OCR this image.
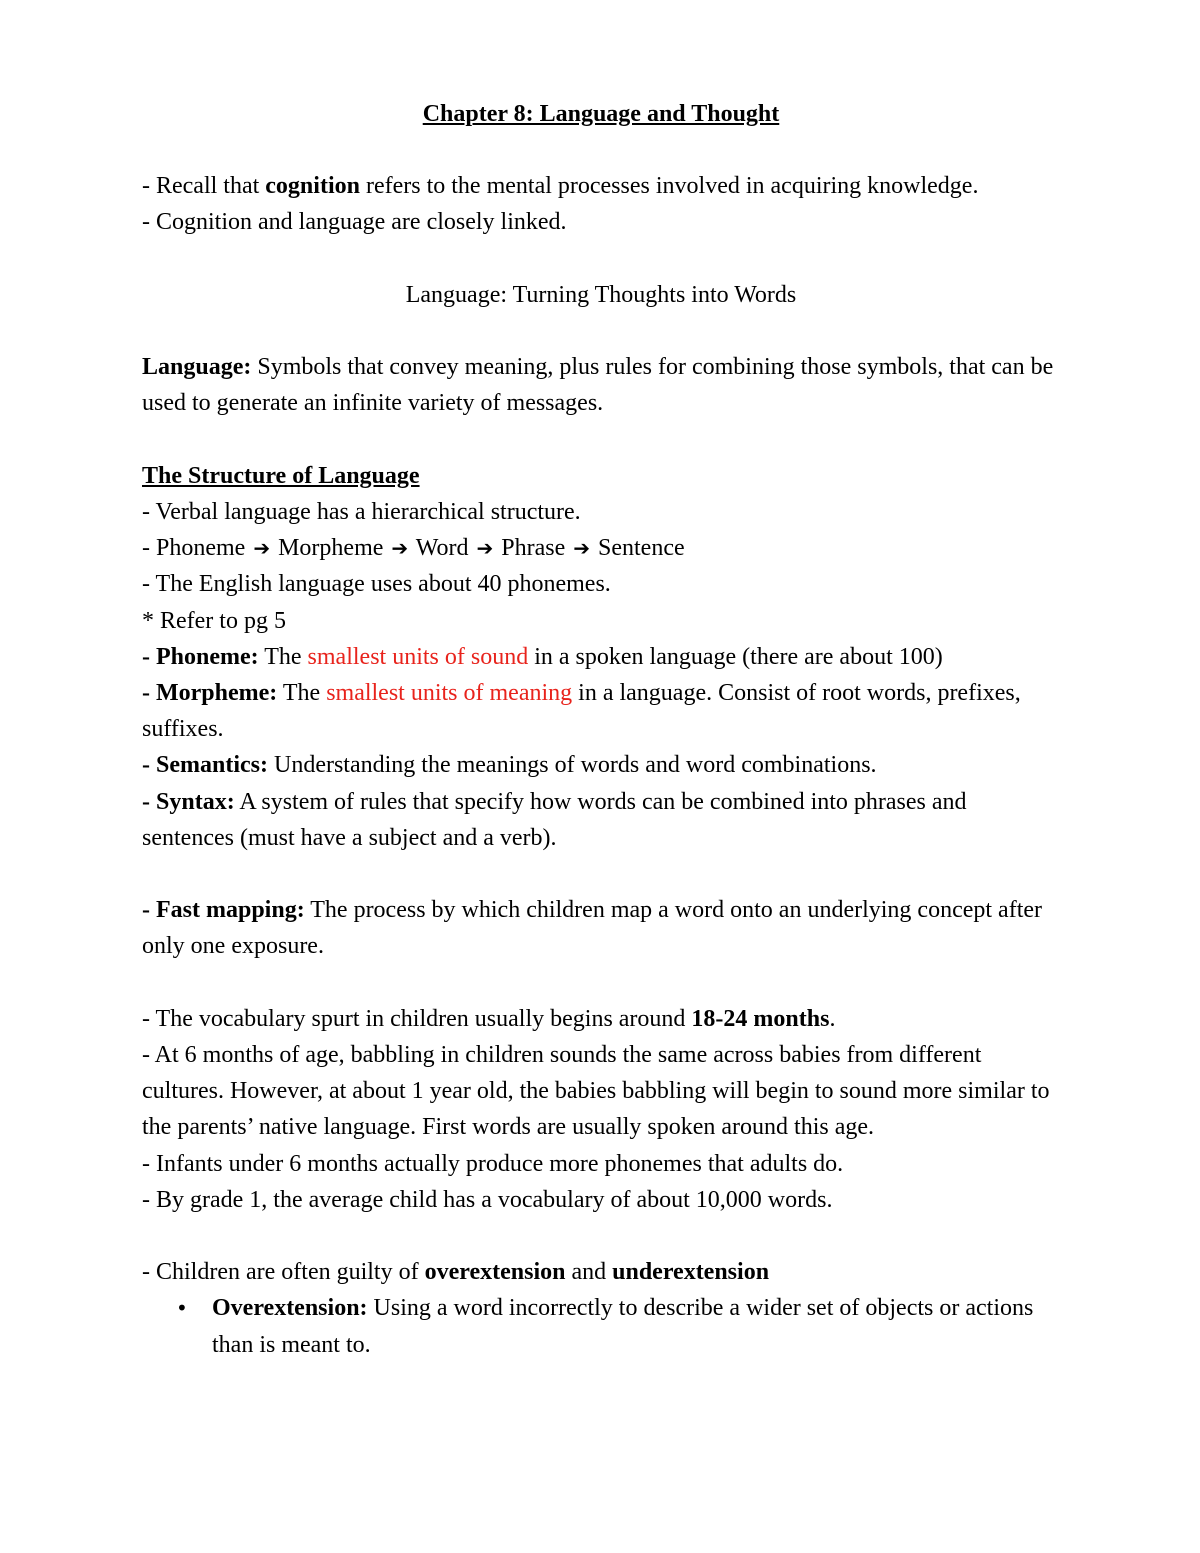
Chapter 8: Language and Thought

- Recall that cognition refers to the mental processes involved in acquiring knowledge.

- Cognition and language are closely linked.

Language: Turning Thoughts into Words

Language: Symbols that convey meaning, plus rules for combining those symbols, that can be used to generate an infinite variety of messages.

The Structure of Language

- Verbal language has a hierarchical structure.

- Phoneme ➔ Morpheme ➔ Word ➔ Phrase ➔ Sentence

- The English language uses about 40 phonemes.

* Refer to pg 5

- Phoneme: The smallest units of sound in a spoken language (there are about 100)

- Morpheme: The smallest units of meaning in a language. Consist of root words, prefixes, suffixes.

- Semantics: Understanding the meanings of words and word combinations.

- Syntax: A system of rules that specify how words can be combined into phrases and sentences (must have a subject and a verb).

- Fast mapping: The process by which children map a word onto an underlying concept after only one exposure.

- The vocabulary spurt in children usually begins around 18-24 months.

- At 6 months of age, babbling in children sounds the same across babies from different cultures. However, at about 1 year old, the babies babbling will begin to sound more similar to the parents’ native language. First words are usually spoken around this age.

- Infants under 6 months actually produce more phonemes that adults do.

- By grade 1, the average child has a vocabulary of about 10,000 words.

- Children are often guilty of overextension and underextension

• Overextension: Using a word incorrectly to describe a wider set of objects or actions than is meant to.
